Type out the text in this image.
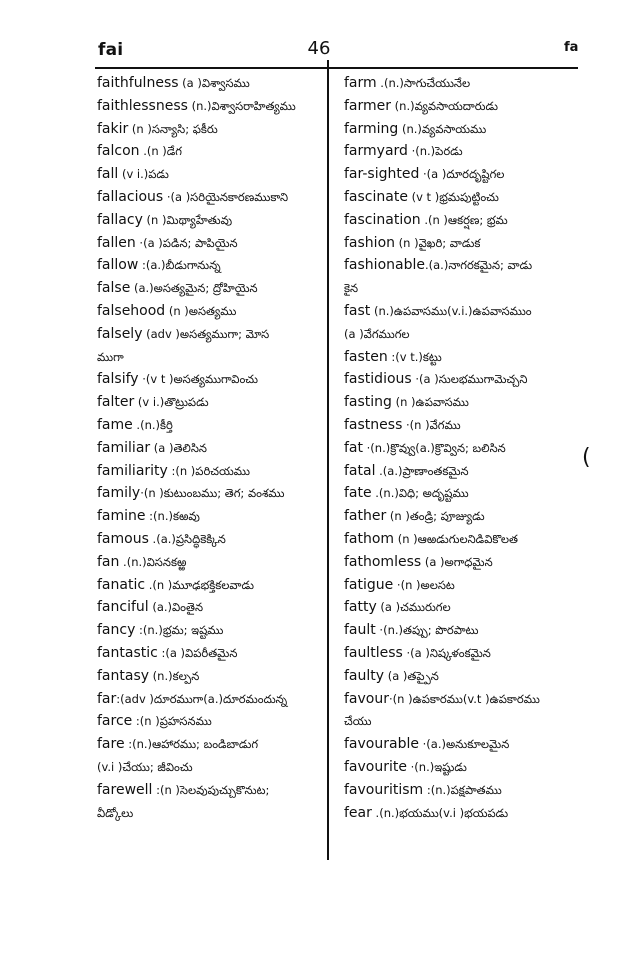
fai	46	fa
faithfulness (a )విశ్వాసము
faithlessness (n.)విశ్వాసరాహిత్యము
fakir (n )సన్యాసి; ఫకీరు
falcon .(n )డేగ
fall (v i.)పడు
fallacious ·(a )సరియైనకారణముకాని
fallacy (n )మిథ్యాహేతువు
fallen ·(a )పడిన; పాపియైన
fallow :(a.)బీడుగానున్న
false (a.)అసత్యమైన; ద్రోహియైన
falsehood (n )అసత్యము
falsely (adv )అసత్యముగా; మోస
ముగా
falsify ·(v t )అసత్యముగావించు
falter (v i.)తొట్రుపడు
fame .(n.)కీర్తి
familiar (a )తెలిసిన
familiarity :(n )పరిచయము
family·(n )కుటుంబము; తెగ; వంశము
famine :(n.)కఱవు
famous .(a.)ప్రసిద్ధికెక్కిన
fan .(n.)విసనకఱ్ఱ
fanatic .(n )మూఢభక్తికలవాడు
fanciful (a.)వింతైన
fancy :(n.)భ్రమ; ఇష్టము
fantastic :(a )విపరీతమైన
fantasy (n.)కల్పన
far:(adv )దూరముగా(a.)దూరమందున్న
farce :(n )ప్రహసనము
fare :(n.)ఆహారము; బండిబాడుగ
(v.i )చేయు; జీవించు
farewell :(n )సెలవుపుచ్చుకొనుట;
వీడ్కోలు
farm .(n.)సాగుచేయునేల
farmer (n.)వ్యవసాయదారుడు
farming (n.)వ్యవసాయము
farmyard ·(n.)పెరడు
far-sighted ·(a )దూరదృష్టిగల
fascinate (v t )భ్రమపుట్టించు
fascination .(n )ఆకర్షణ; భ్రమ
fashion (n )వైఖరి; వాడుక
fashionable.(a.)నాగరకమైన; వాడు
కైన
fast (n.)ఉపవాసము(v.i.)ఉపవాసముం
(a )వేగముగల
fasten :(v t.)కట్టు
fastidious ·(a )సులభముగామెచ్చని
fasting (n )ఉపవాసము
fastness ·(n )వేగము
fat ·(n.)క్రొవ్వు(a.)క్రొవ్విన; బలిసిన
fatal .(a.)ప్రాణాంతకమైన
fate .(n.)విధి; అదృష్టము
father (n )తండ్రి; పూజ్యుడు
fathom (n )ఆఱడుగులనిడివికొలత
fathomless (a )అగాధమైన
fatigue ·(n )అలసట
fatty (a )చమురుగల
fault ·(n.)తప్పు; పొరపాటు
faultless ·(a )నిష్కళంకమైన
faulty (a )తప్పైన
favour·(n )ఉపకారము(v.t )ఉపకారము
చేయు
favourable ·(a.)అనుకూలమైన
favourite ·(n.)ఇష్టుడు
favouritism :(n.)పక్షపాతము
fear .(n.)భయము(v.i )భయపడు
(
